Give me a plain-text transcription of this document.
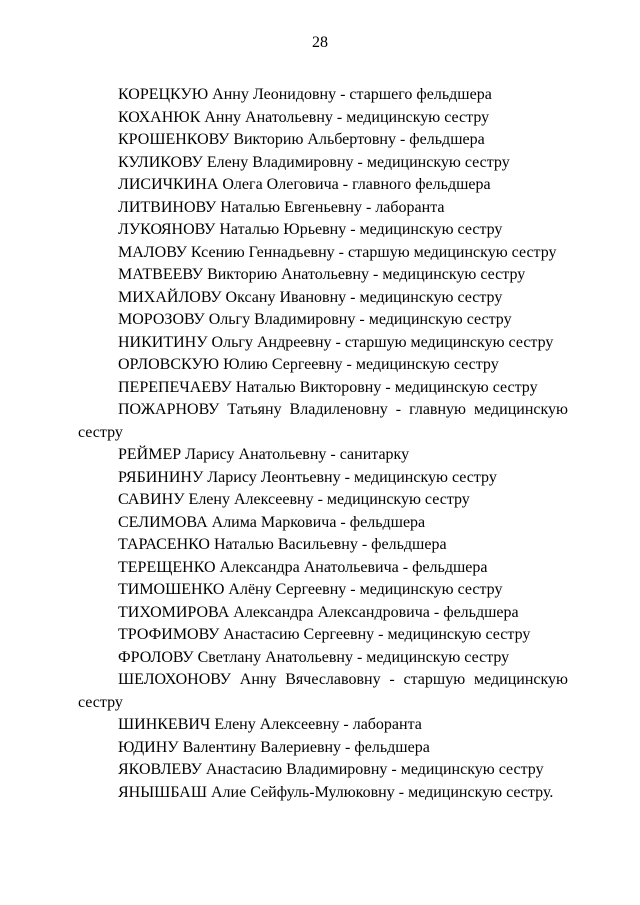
28
КОРЕЦКУЮ Анну Леонидовну - старшего фельдшера
КОХАНЮК Анну Анатольевну - медицинскую сестру
КРОШЕНКОВУ Викторию Альбертовну - фельдшера
КУЛИКОВУ Елену Владимировну - медицинскую сестру
ЛИСИЧКИНА Олега Олеговича - главного фельдшера
ЛИТВИНОВУ Наталью Евгеньевну - лаборанта
ЛУКОЯНОВУ Наталью Юрьевну - медицинскую сестру
МАЛОВУ Ксению Геннадьевну - старшую медицинскую сестру
МАТВЕЕВУ Викторию Анатольевну - медицинскую сестру
МИХАЙЛОВУ Оксану Ивановну - медицинскую сестру
МОРОЗОВУ Ольгу Владимировну - медицинскую сестру
НИКИТИНУ Ольгу Андреевну - старшую медицинскую сестру
ОРЛОВСКУЮ Юлию Сергеевну - медицинскую сестру
ПЕРЕПЕЧАЕВУ Наталью Викторовну - медицинскую сестру
ПОЖАРНОВУ Татьяну Владиленовну - главную медицинскую сестру
РЕЙМЕР Ларису Анатольевну - санитарку
РЯБИНИНУ Ларису Леонтьевну - медицинскую сестру
САВИНУ Елену Алексеевну - медицинскую сестру
СЕЛИМОВА Алима Марковича - фельдшера
ТАРАСЕНКО Наталью Васильевну - фельдшера
ТЕРЕЩЕНКО Александра Анатольевича - фельдшера
ТИМОШЕНКО Алёну Сергеевну - медицинскую сестру
ТИХОМИРОВА Александра Александровича - фельдшера
ТРОФИМОВУ Анастасию Сергеевну - медицинскую сестру
ФРОЛОВУ Светлану Анатольевну - медицинскую сестру
ШЕЛОХОНОВУ Анну Вячеславовну - старшую медицинскую сестру
ШИНКЕВИЧ Елену Алексеевну - лаборанта
ЮДИНУ Валентину Валериевну - фельдшера
ЯКОВЛЕВУ Анастасию Владимировну - медицинскую сестру
ЯНЫШБАШ Алие Сейфуль-Мулюковну - медицинскую сестру.
